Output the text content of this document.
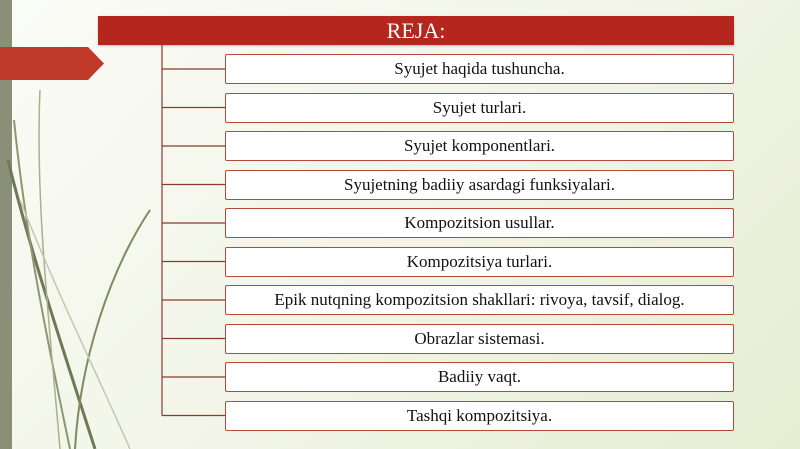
REJA:
Syujet haqida tushuncha.
Syujet turlari.
Syujet komponentlari.
Syujetning badiiy asardagi funksiyalari.
Kompozitsion usullar.
Kompozitsiya turlari.
Epik nutqning kompozitsion shakllari: rivoya, tavsif, dialog.
Obrazlar sistemasi.
Badiiy vaqt.
Tashqi kompozitsiya.
